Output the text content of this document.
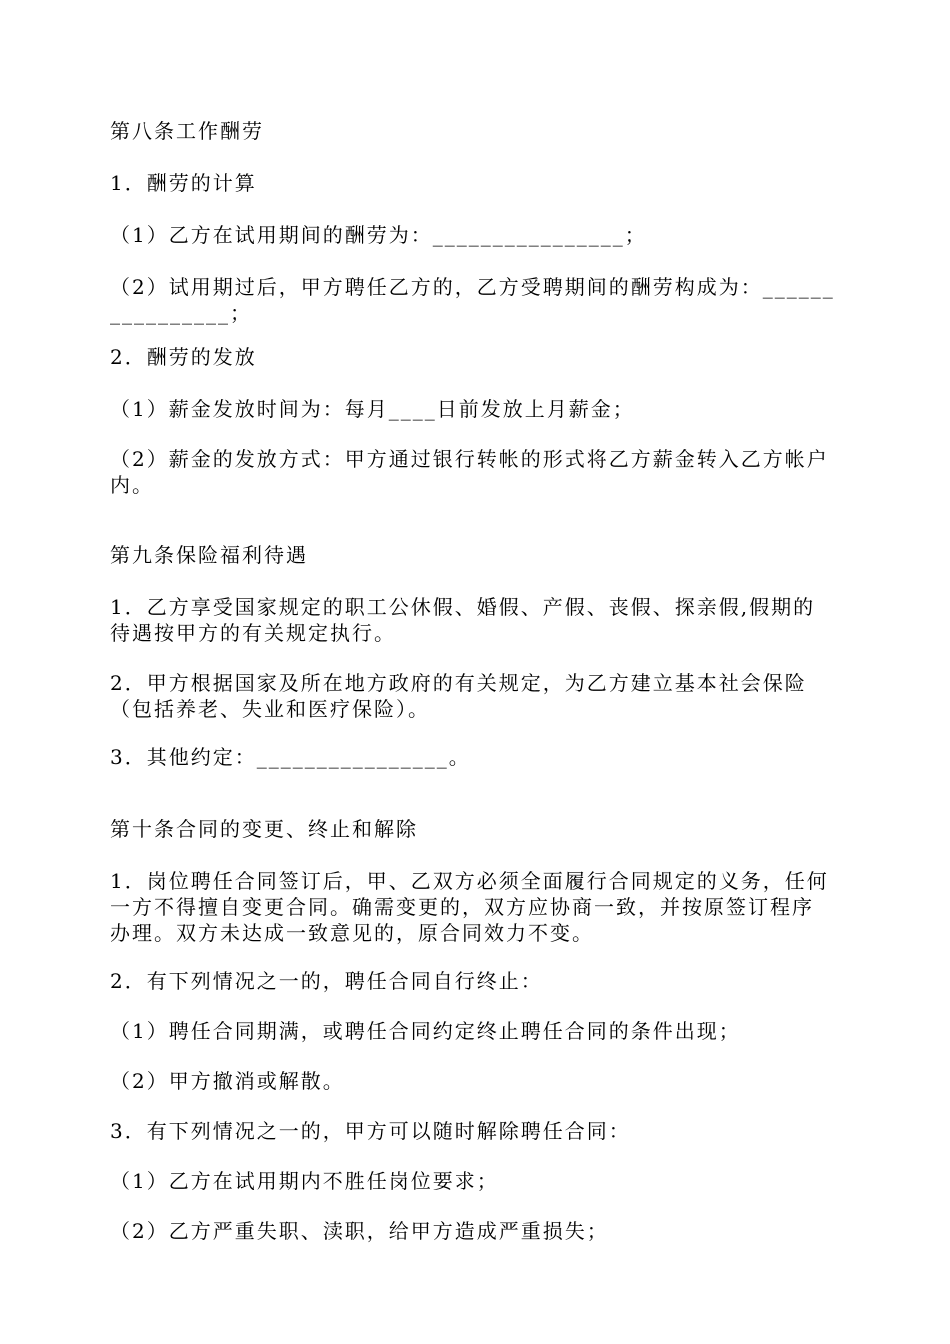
第八条工作酬劳

1．酬劳的计算

（1）乙方在试用期间的酬劳为：________________；

（2）试用期过后，甲方聘任乙方的，乙方受聘期间的酬劳构成为：______

__________；

2．酬劳的发放

（1）薪金发放时间为：每月____日前发放上月薪金；

（2）薪金的发放方式：甲方通过银行转帐的形式将乙方薪金转入乙方帐户

内。

第九条保险福利待遇

1．乙方享受国家规定的职工公休假、婚假、产假、丧假、探亲假,假期的

待遇按甲方的有关规定执行。

2．甲方根据国家及所在地方政府的有关规定，为乙方建立基本社会保险

（包括养老、失业和医疗保险）。

3．其他约定：________________。

第十条合同的变更、终止和解除

1．岗位聘任合同签订后，甲、乙双方必须全面履行合同规定的义务，任何

一方不得擅自变更合同。确需变更的，双方应协商一致，并按原签订程序

办理。双方未达成一致意见的，原合同效力不变。

2．有下列情况之一的，聘任合同自行终止：

（1）聘任合同期满，或聘任合同约定终止聘任合同的条件出现；

（2）甲方撤消或解散。

3．有下列情况之一的，甲方可以随时解除聘任合同：

（1）乙方在试用期内不胜任岗位要求；

（2）乙方严重失职、渎职，给甲方造成严重损失；
